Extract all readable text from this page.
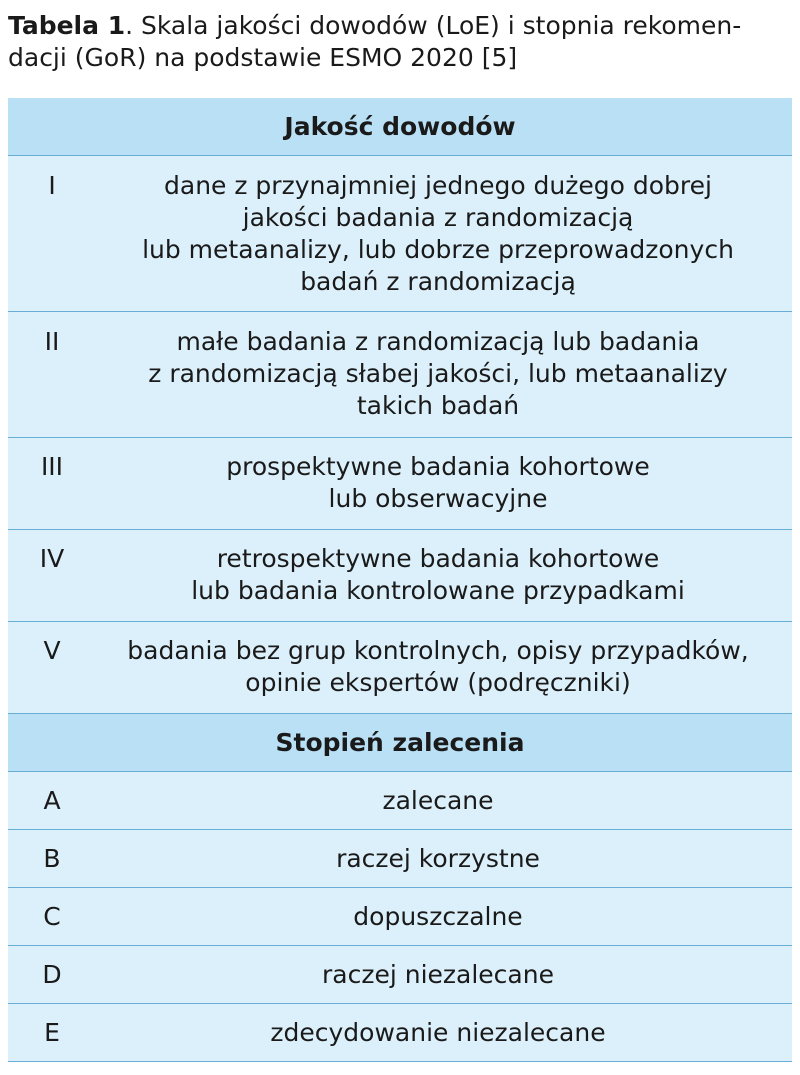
Tabela 1. Skala jakości dowodów (LoE) i stopnia rekomen-
dacji (GoR) na podstawie ESMO 2020 [5]
Jakość dowodów
I	dane z przynajmniej jednego dużego dobrej
jakości badania z randomizacją
lub metaanalizy, lub dobrze przeprowadzonych
badań z randomizacją
II	małe badania z randomizacją lub badania
z randomizacją słabej jakości, lub metaanalizy
takich badań
III	prospektywne badania kohortowe
lub obserwacyjne
IV	retrospektywne badania kohortowe
lub badania kontrolowane przypadkami
V	badania bez grup kontrolnych, opisy przypadków,
opinie ekspertów (podręczniki)
Stopień zalecenia
A	zalecane
B	raczej korzystne
C	dopuszczalne
D	raczej niezalecane
E	zdecydowanie niezalecane
